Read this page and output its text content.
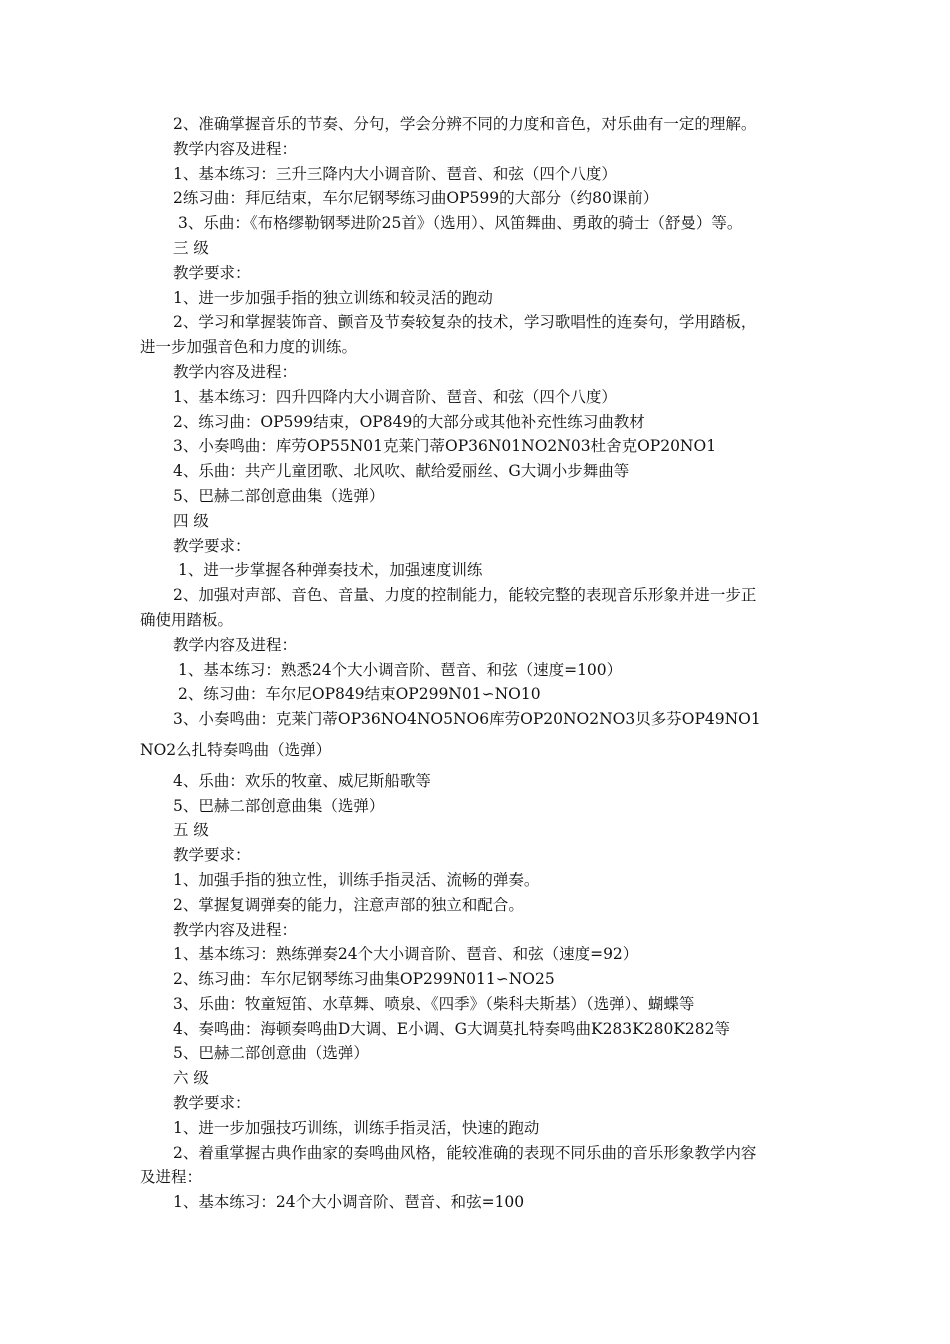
2、准确掌握音乐的节奏、分句，学会分辨不同的力度和音色，对乐曲有一定的理解。
教学内容及进程：
1、基本练习：三升三降内大小调音阶、琶音、和弦（四个八度）
2练习曲：拜厄结束，车尔尼钢琴练习曲OP599的大部分（约80课前）
3、乐曲：《布格缪勒钢琴进阶25首》（选用）、风笛舞曲、勇敢的骑士（舒曼）等。
三 级
教学要求：
1、进一步加强手指的独立训练和较灵活的跑动
2、学习和掌握装饰音、颤音及节奏较复杂的技术，学习歌唱性的连奏句，学用踏板，
进一步加强音色和力度的训练。
教学内容及进程：
1、基本练习：四升四降内大小调音阶、琶音、和弦（四个八度）
2、练习曲：OP599结束，OP849的大部分或其他补充性练习曲教材
3、小奏鸣曲：库劳OP55N01克莱门蒂OP36N01NO2N03杜舍克OP20NO1
4、乐曲：共产儿童团歌、北风吹、献给爱丽丝、G大调小步舞曲等
5、巴赫二部创意曲集（选弹）
四 级
教学要求：
1、进一步掌握各种弹奏技术，加强速度训练
2、加强对声部、音色、音量、力度的控制能力，能较完整的表现音乐形象并进一步正
确使用踏板。
教学内容及进程：
1、基本练习：熟悉24个大小调音阶、琶音、和弦（速度=100）
2、练习曲：车尔尼OP849结束OP299N01∽NO10
3、小奏鸣曲：克莱门蒂OP36NO4NO5NO6库劳OP20NO2NO3贝多芬OP49NO1
NO2么扎特奏鸣曲（选弹）
4、乐曲：欢乐的牧童、威尼斯船歌等
5、巴赫二部创意曲集（选弹）
五 级
教学要求：
1、加强手指的独立性，训练手指灵活、流畅的弹奏。
2、掌握复调弹奏的能力，注意声部的独立和配合。
教学内容及进程：
1、基本练习：熟练弹奏24个大小调音阶、琶音、和弦（速度=92）
2、练习曲：车尔尼钢琴练习曲集OP299N011∽NO25
3、乐曲：牧童短笛、水草舞、喷泉、《四季》（柴科夫斯基）（选弹）、蝴蝶等
4、奏鸣曲：海顿奏鸣曲D大调、E小调、G大调莫扎特奏鸣曲K283K280K282等
5、巴赫二部创意曲（选弹）
六 级
教学要求：
1、进一步加强技巧训练，训练手指灵活，快速的跑动
2、着重掌握古典作曲家的奏鸣曲风格，能较准确的表现不同乐曲的音乐形象教学内容
及进程：
1、基本练习：24个大小调音阶、琶音、和弦=100
